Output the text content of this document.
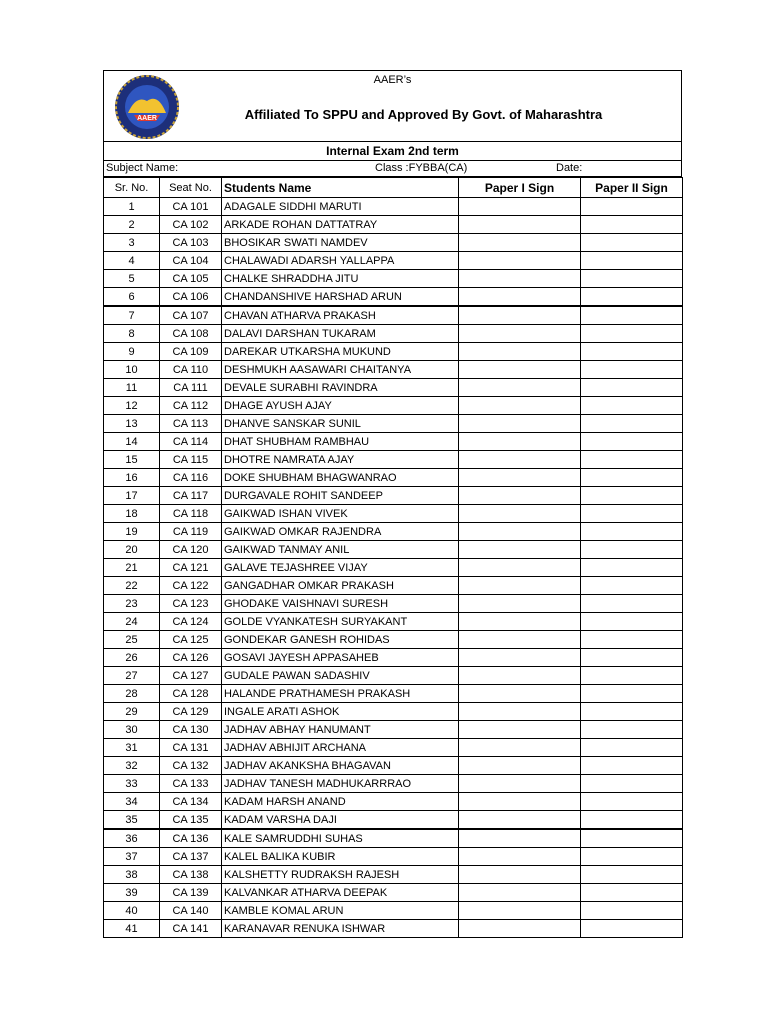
AAER
AAER’s
Affiliated To SPPU and Approved By Govt. of Maharashtra
Internal Exam 2nd term
Subject Name:	Class :FYBBA(CA)	Date:
Sr. No.	Seat No.	Students Name	Paper I Sign	Paper II Sign
1	CA 101	ADAGALE SIDDHI MARUTI		
2	CA 102	ARKADE ROHAN DATTATRAY		
3	CA 103	BHOSIKAR SWATI NAMDEV		
4	CA 104	CHALAWADI ADARSH YALLAPPA		
5	CA 105	CHALKE SHRADDHA JITU		
6	CA 106	CHANDANSHIVE HARSHAD ARUN		
7	CA 107	CHAVAN ATHARVA PRAKASH		
8	CA 108	DALAVI DARSHAN TUKARAM		
9	CA 109	DAREKAR UTKARSHA MUKUND		
10	CA 110	DESHMUKH AASAWARI CHAITANYA		
11	CA 111	DEVALE SURABHI RAVINDRA		
12	CA 112	DHAGE AYUSH AJAY		
13	CA 113	DHANVE SANSKAR SUNIL		
14	CA 114	DHAT SHUBHAM RAMBHAU		
15	CA 115	DHOTRE NAMRATA AJAY		
16	CA 116	DOKE SHUBHAM BHAGWANRAO		
17	CA 117	DURGAVALE ROHIT SANDEEP		
18	CA 118	GAIKWAD ISHAN VIVEK		
19	CA 119	GAIKWAD OMKAR RAJENDRA		
20	CA 120	GAIKWAD TANMAY ANIL		
21	CA 121	GALAVE TEJASHREE VIJAY		
22	CA 122	GANGADHAR OMKAR PRAKASH		
23	CA 123	GHODAKE VAISHNAVI SURESH		
24	CA 124	GOLDE VYANKATESH SURYAKANT		
25	CA 125	GONDEKAR GANESH ROHIDAS		
26	CA 126	GOSAVI JAYESH APPASAHEB		
27	CA 127	GUDALE PAWAN SADASHIV		
28	CA 128	HALANDE PRATHAMESH PRAKASH		
29	CA 129	INGALE ARATI ASHOK		
30	CA 130	JADHAV ABHAY HANUMANT		
31	CA 131	JADHAV ABHIJIT ARCHANA		
32	CA 132	JADHAV AKANKSHA BHAGAVAN		
33	CA 133	JADHAV TANESH MADHUKARRRAO		
34	CA 134	KADAM HARSH ANAND		
35	CA 135	KADAM VARSHA DAJI		
36	CA 136	KALE SAMRUDDHI SUHAS		
37	CA 137	KALEL BALIKA KUBIR		
38	CA 138	KALSHETTY RUDRAKSH RAJESH		
39	CA 139	KALVANKAR ATHARVA DEEPAK		
40	CA 140	KAMBLE KOMAL ARUN		
41	CA 141	KARANAVAR RENUKA ISHWAR		
